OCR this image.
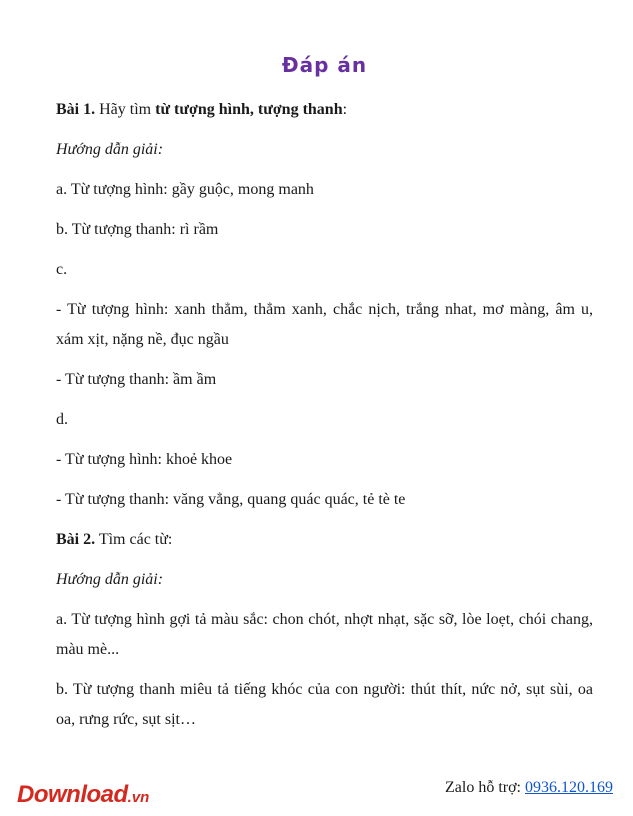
Đáp án

Bài 1. Hãy tìm từ tượng hình, tượng thanh:

Hướng dẫn giải:

a. Từ tượng hình: gầy guộc, mong manh

b. Từ tượng thanh: rì rầm

c.

- Từ tượng hình: xanh thẳm, thẳm xanh, chắc nịch, trắng nhat, mơ màng, âm u,

xám xịt, nặng nề, đục ngầu

- Từ tượng thanh: ầm ầm

d.

- Từ tượng hình: khoẻ khoe

- Từ tượng thanh: văng vẳng, quang quác quác, tẻ tè te

Bài 2. Tìm các từ:

Hướng dẫn giải:

a. Từ tượng hình gợi tả màu sắc: chon chót, nhợt nhạt, sặc sỡ, lòe loẹt, chói chang,

màu mè...

b. Từ tượng thanh miêu tả tiếng khóc của con người: thút thít, nức nở, sụt sùi, oa

oa, rưng rức, sụt sịt…

Download.vn
Zalo hỗ trợ: 0936.120.169
